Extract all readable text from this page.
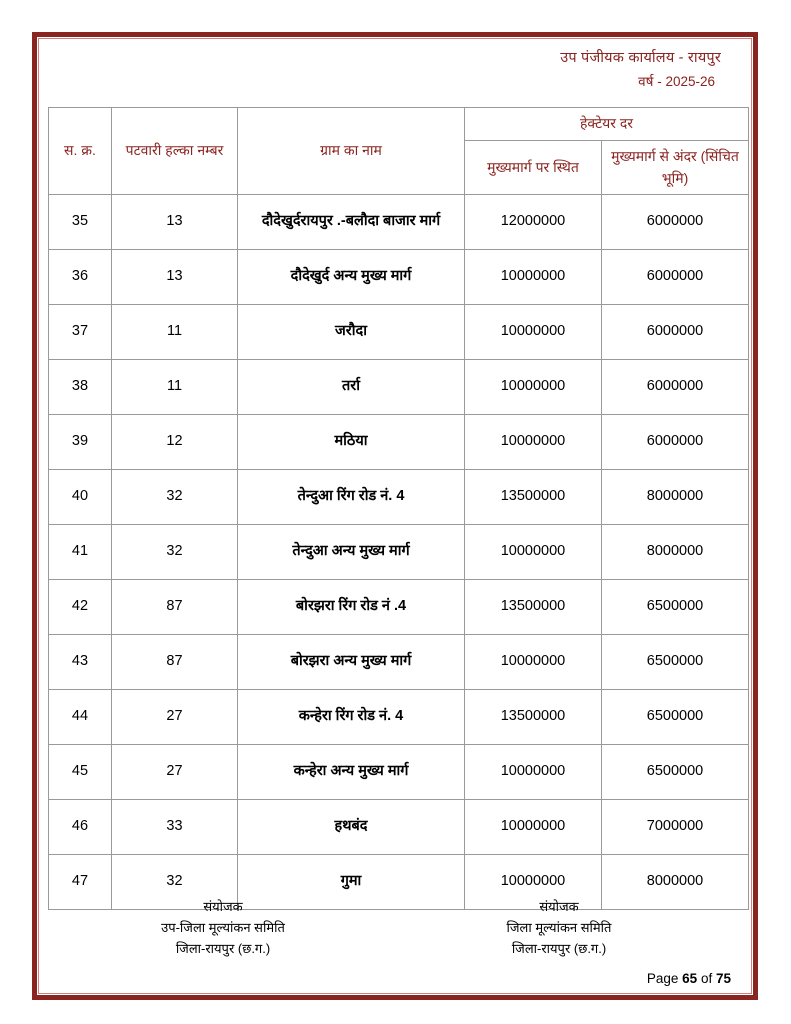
उप पंजीयक कार्यालय - रायपुर
वर्ष - 2025-26
स. क्र.	पटवारी हल्का नम्बर	ग्राम का नाम	हेक्टेयर दर	
			मुख्यमार्ग पर स्थित	मुख्यमार्ग से अंदर (सिंचित भूमि)
35	13	दौदेखुर्दरायपुर .-बलौदा बाजार मार्ग	12000000	6000000
36	13	दौदेखुर्द अन्य मुख्य मार्ग	10000000	6000000
37	11	जरौदा	10000000	6000000
38	11	तर्रा	10000000	6000000
39	12	मठिया	10000000	6000000
40	32	तेन्दुआ रिंग रोड नं. 4	13500000	8000000
41	32	तेन्दुआ अन्य मुख्य मार्ग	10000000	8000000
42	87	बोरझरा रिंग रोड नं .4	13500000	6500000
43	87	बोरझरा अन्य मुख्य मार्ग	10000000	6500000
44	27	कन्हेरा रिंग रोड नं. 4	13500000	6500000
45	27	कन्हेरा अन्य मुख्य मार्ग	10000000	6500000
46	33	हथबंद	10000000	7000000
47	32	गुमा	10000000	8000000
संयोजक
उप-जिला मूल्यांकन समिति
जिला-रायपुर (छ.ग.)
संयोजक
जिला मूल्यांकन समिति
जिला-रायपुर (छ.ग.)
Page 65 of 75
